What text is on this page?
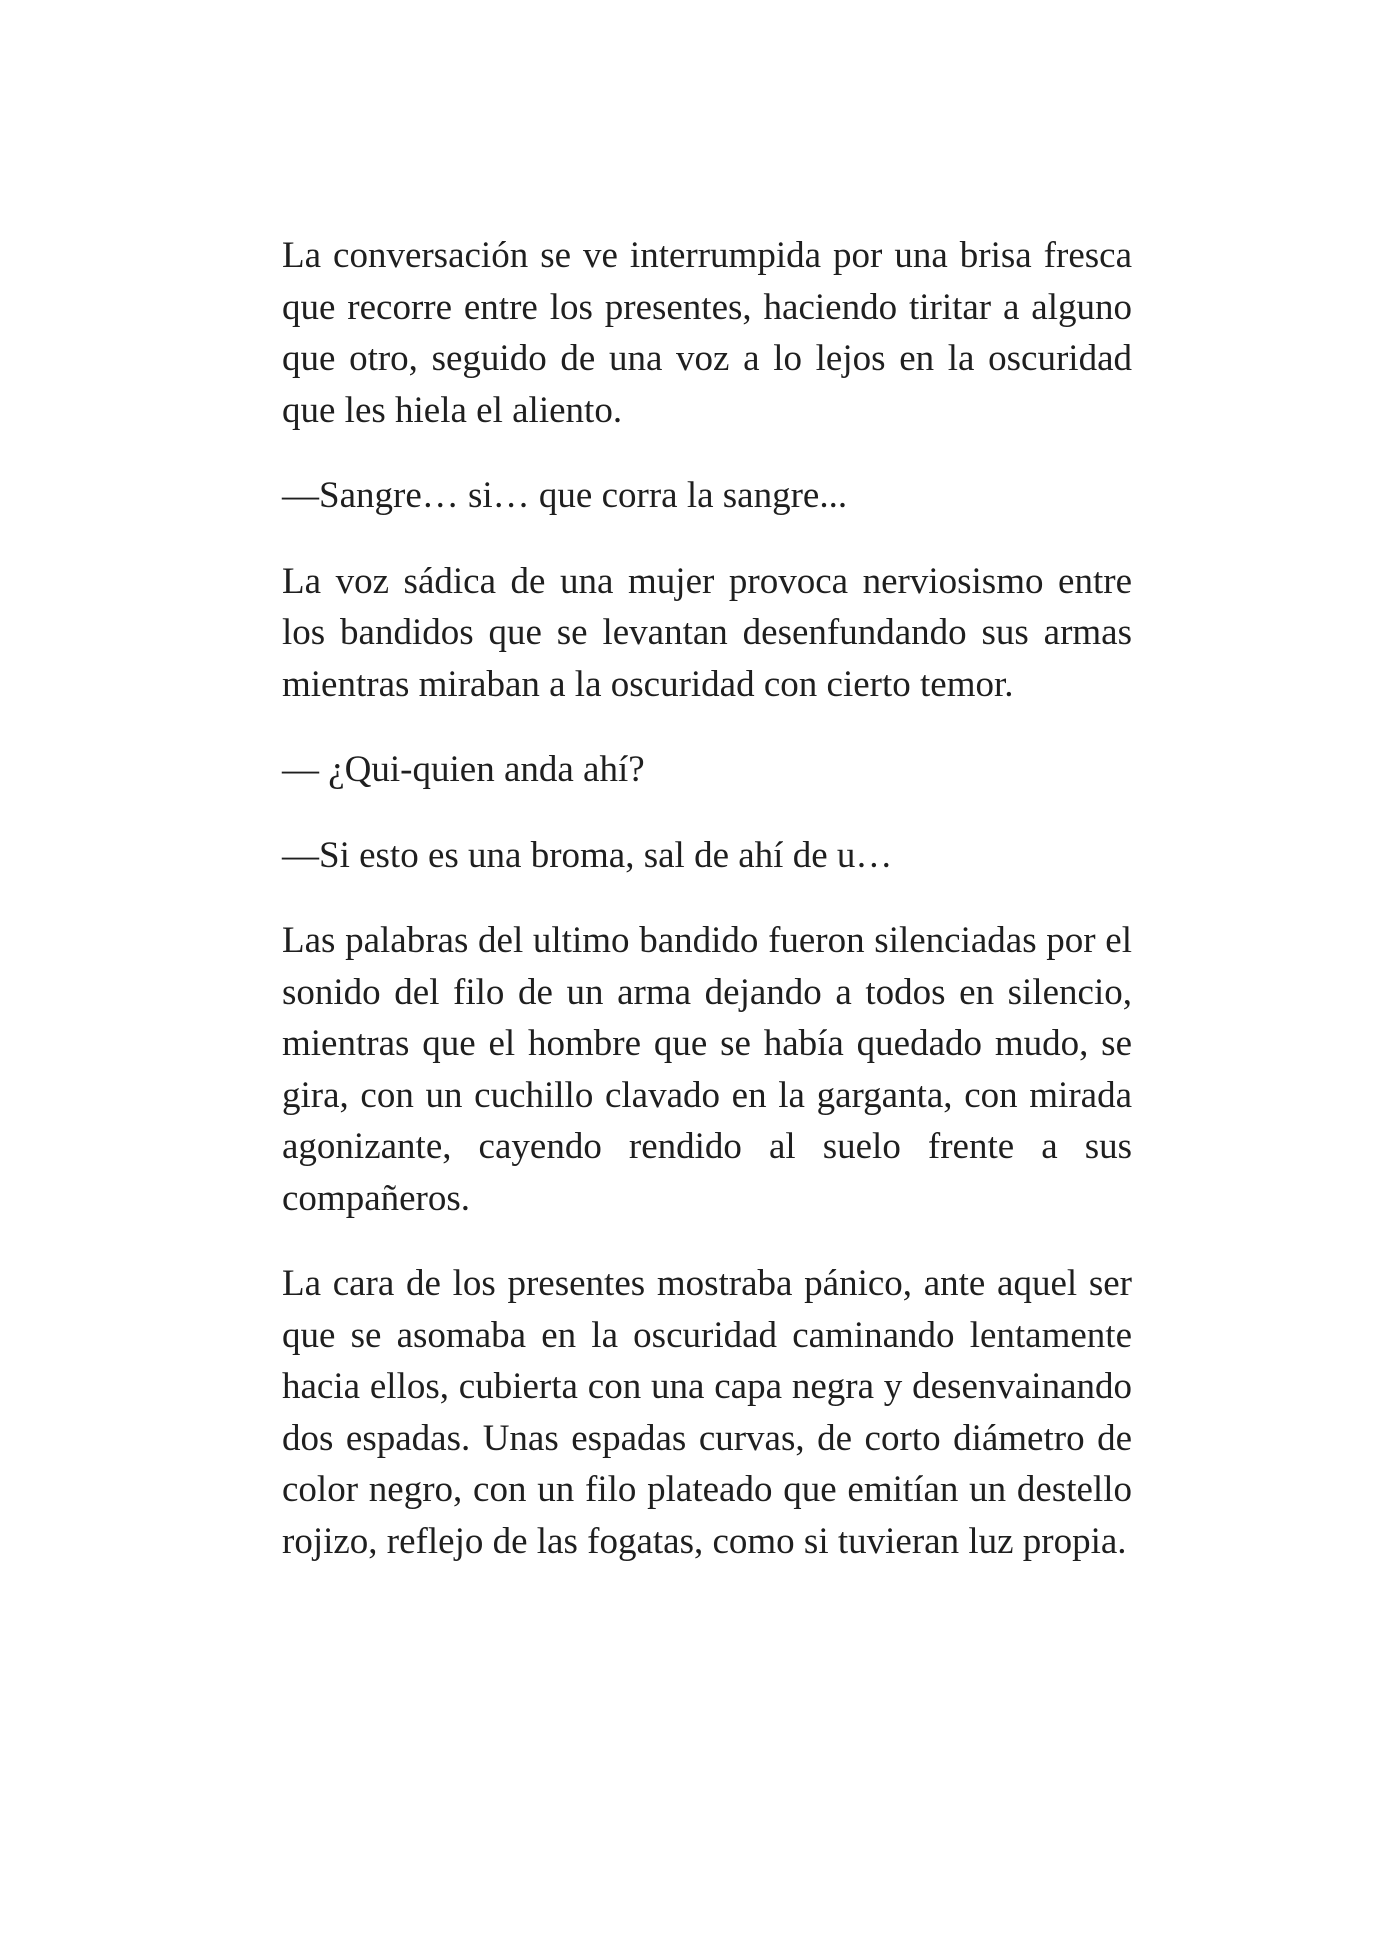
La conversación se ve interrumpida por una brisa fresca que recorre entre los presentes, haciendo tiritar a alguno que otro, seguido de una voz a lo lejos en la oscuridad que les hiela el aliento.

—Sangre… si… que corra la sangre...

La voz sádica de una mujer provoca nerviosismo entre los bandidos que se levantan desenfundando sus armas mientras miraban a la oscuridad con cierto temor.

— ¿Qui-quien anda ahí?

—Si esto es una broma, sal de ahí de u…

Las palabras del ultimo bandido fueron silenciadas por el sonido del filo de un arma dejando a todos en silencio, mientras que el hombre que se había quedado mudo, se gira, con un cuchillo clavado en la garganta, con mirada agonizante, cayendo rendido al suelo frente a sus compañeros.

La cara de los presentes mostraba pánico, ante aquel ser que se asomaba en la oscuridad caminando lentamente hacia ellos, cubierta con una capa negra y desenvainando dos espadas. Unas espadas curvas, de corto diámetro de color negro, con un filo plateado que emitían un destello rojizo, reflejo de las fogatas, como si tuvieran luz propia.
